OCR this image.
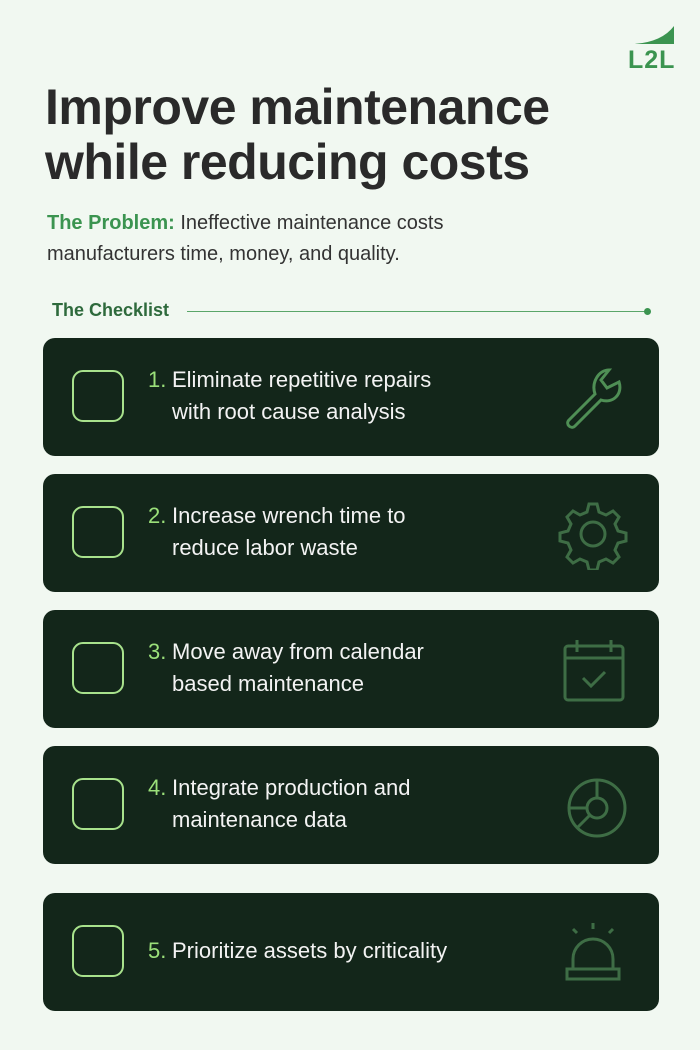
L2L
Improve maintenance
while reducing costs

The Problem: Ineffective maintenance costs manufacturers time, money, and quality.

The Checklist
1. Eliminate repetitive repairs
with root cause analysis
2. Increase wrench time to
reduce labor waste
3. Move away from calendar
based maintenance
4. Integrate production and
maintenance data
5. Prioritize assets by criticality
